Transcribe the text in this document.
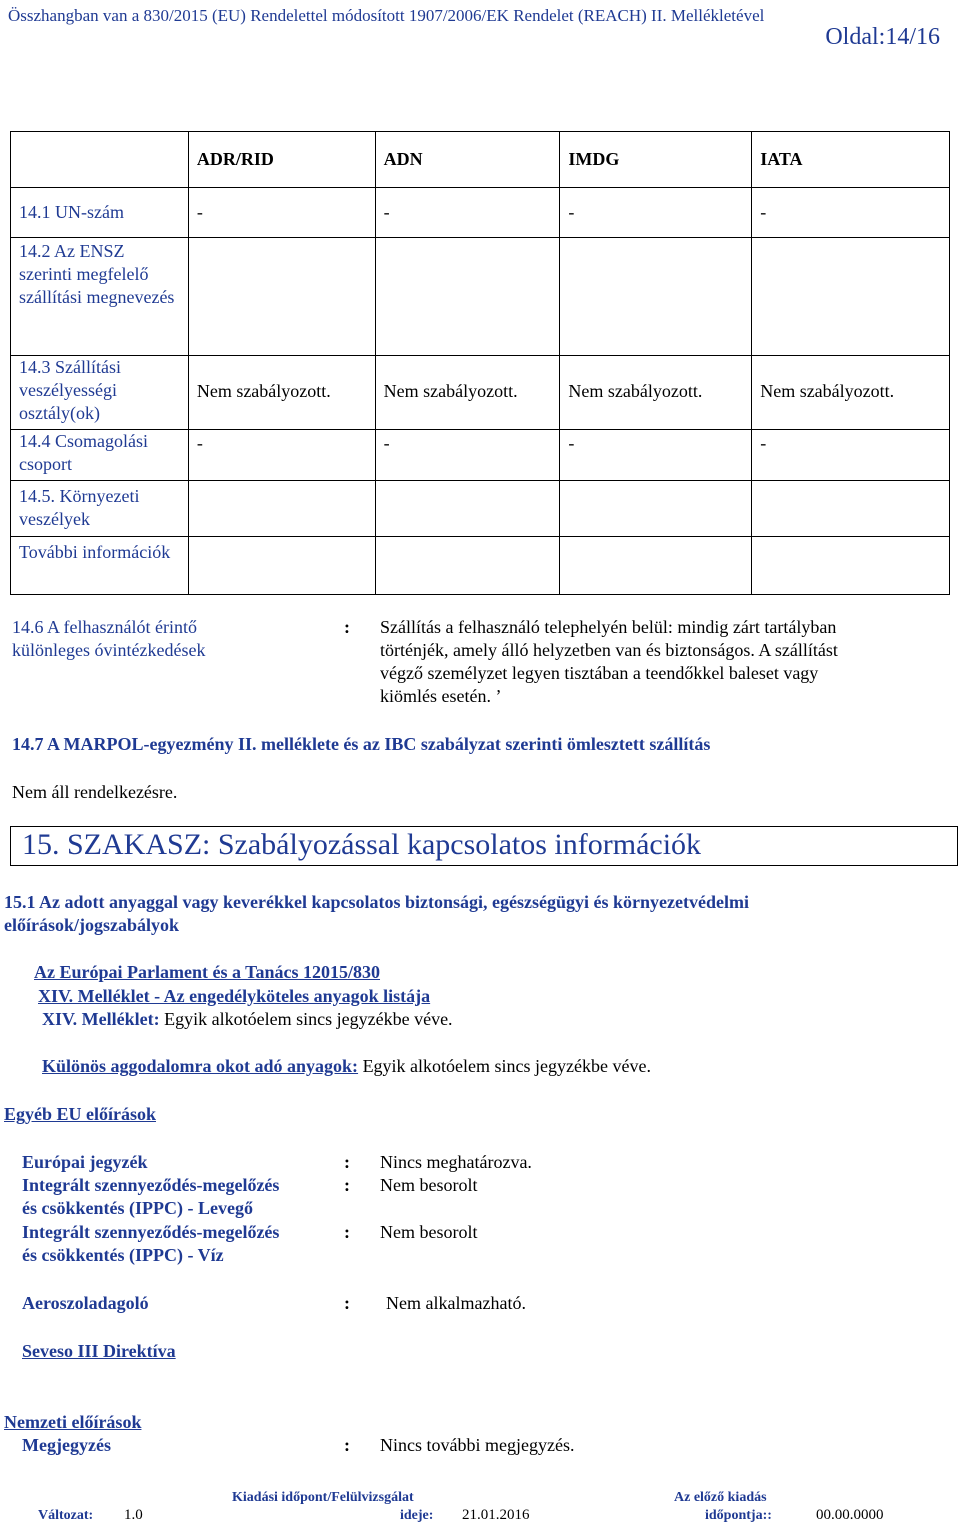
Összhangban van a 830/2015 (EU) Rendelettel módosított 1907/2006/EK Rendelet (REACH) II. Mellékletével
Oldal:14/16
	ADR/RID	ADN	IMDG	IATA
14.1 UN-szám	-	-	-	-
14.2 Az ENSZ szerinti megfelelő szállítási megnevezés				
14.3 Szállítási veszélyességi osztály(ok)	Nem szabályozott.	Nem szabályozott.	Nem szabályozott.	Nem szabályozott.
14.4 Csomagolási csoport	-	-	-	-
14.5. Környezeti veszélyek				
További információk				
14.6 A felhasználót érintő
különleges óvintézkedések
: Szállítás a felhasználó telephelyén belül: mindig zárt tartályban
történjék, amely álló helyzetben van és biztonságos. A szállítást
végző személyzet legyen tisztában a teendőkkel baleset vagy
kiömlés esetén. ’
14.7 A MARPOL-egyezmény II. melléklete és az IBC szabályzat szerinti ömlesztett szállítás
Nem áll rendelkezésre.
15. SZAKASZ: Szabályozással kapcsolatos információk
15.1 Az adott anyaggal vagy keverékkel kapcsolatos biztonsági, egészségügyi és környezetvédelmi
előírások/jogszabályok
Az Európai Parlament és a Tanács 12015/830
XIV. Melléklet - Az engedélyköteles anyagok listája
XIV. Melléklet: Egyik alkotóelem sincs jegyzékbe véve.
Különös aggodalomra okot adó anyagok: Egyik alkotóelem sincs jegyzékbe véve.
Egyéb EU előírások
Európai jegyzék	: Nincs meghatározva.
Integrált szennyeződés-megelőzés
és csökkentés (IPPC) - Levegő
: Nem besorolt
Integrált szennyeződés-megelőzés
és csökkentés (IPPC) - Víz
: Nem besorolt
Aeroszoladagoló	: Nem alkalmazható.
Seveso III Direktíva
Nemzeti előírások
Megjegyzés	: Nincs további megjegyzés.
Kiadási időpont/Felülvizsgálat
ideje: 21.01.2016
Az előző kiadás
időpontja::	00.00.0000
Változat: 1.0
